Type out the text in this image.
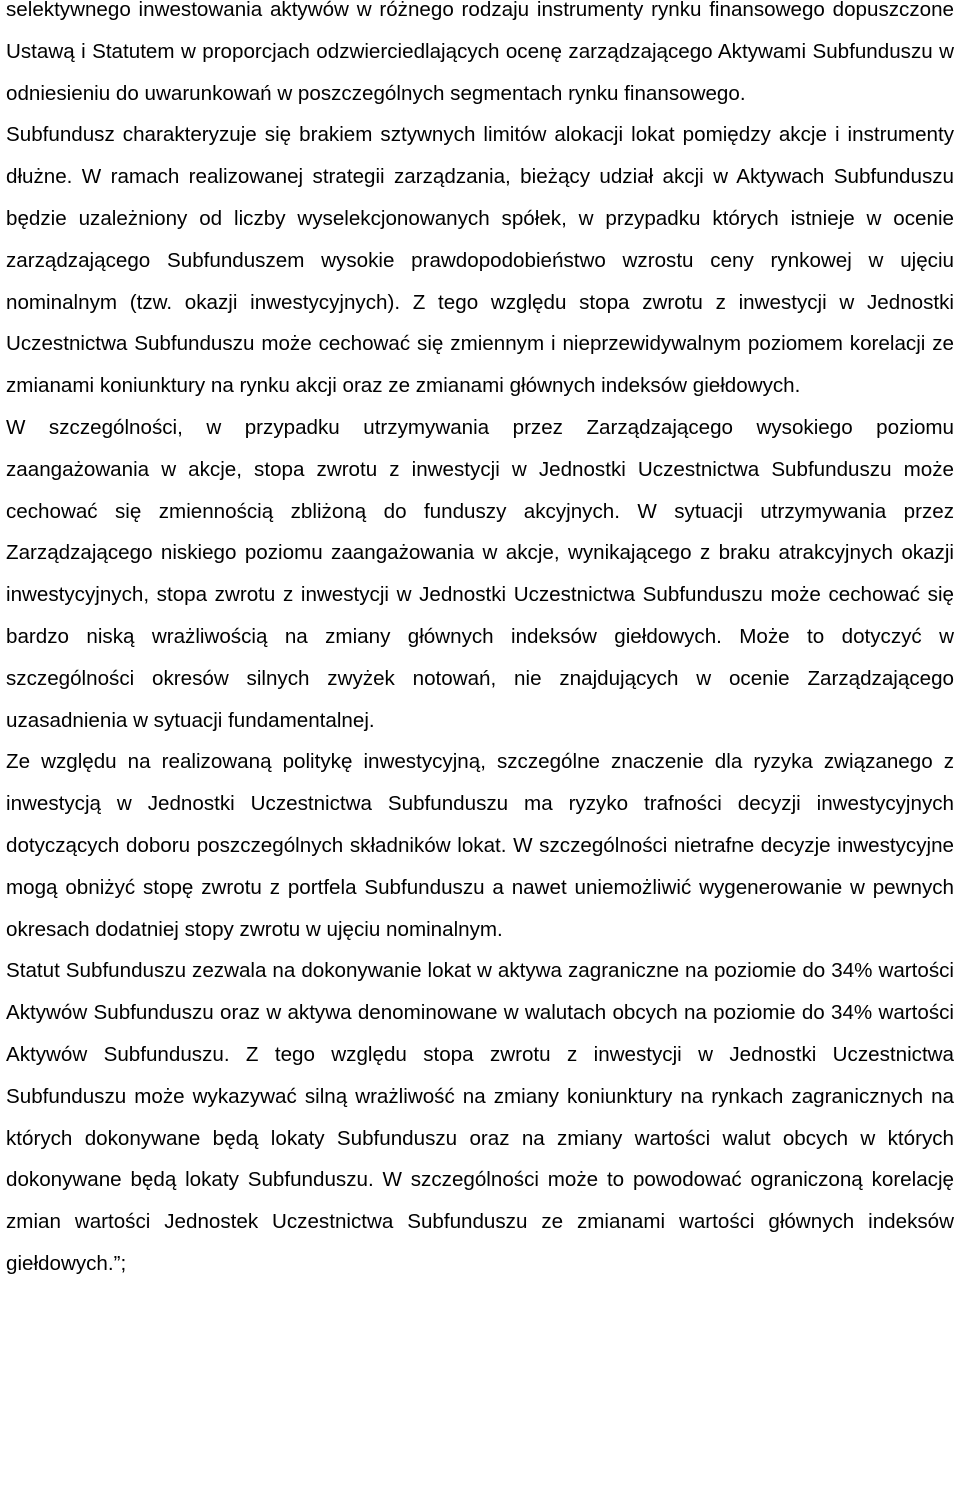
selektywnego inwestowania aktywów w różnego rodzaju instrumenty rynku finansowego dopuszczone Ustawą i Statutem w proporcjach odzwierciedlających ocenę zarządzającego Aktywami Subfunduszu w odniesieniu do uwarunkowań w poszczególnych segmentach rynku finansowego.

Subfundusz charakteryzuje się brakiem sztywnych limitów alokacji lokat pomiędzy akcje i instrumenty dłużne. W ramach realizowanej strategii zarządzania, bieżący udział akcji w Aktywach Subfunduszu będzie uzależniony od liczby wyselekcjonowanych spółek, w przypadku których istnieje w ocenie zarządzającego Subfunduszem wysokie prawdopodobieństwo wzrostu ceny rynkowej w ujęciu nominalnym (tzw. okazji inwestycyjnych). Z tego względu stopa zwrotu z inwestycji w Jednostki Uczestnictwa Subfunduszu może cechować się zmiennym i nieprzewidywalnym poziomem korelacji ze zmianami koniunktury na rynku akcji oraz ze zmianami głównych indeksów giełdowych.

W szczególności, w przypadku utrzymywania przez Zarządzającego wysokiego poziomu zaangażowania w akcje, stopa zwrotu z inwestycji w Jednostki Uczestnictwa Subfunduszu może cechować się zmiennością zbliżoną do funduszy akcyjnych. W sytuacji utrzymywania przez Zarządzającego niskiego poziomu zaangażowania w akcje, wynikającego z braku atrakcyjnych okazji inwestycyjnych, stopa zwrotu z inwestycji w Jednostki Uczestnictwa Subfunduszu może cechować się bardzo niską wrażliwością na zmiany głównych indeksów giełdowych. Może to dotyczyć w szczególności okresów silnych zwyżek notowań, nie znajdujących w ocenie Zarządzającego uzasadnienia w sytuacji fundamentalnej.

Ze względu na realizowaną politykę inwestycyjną, szczególne znaczenie dla ryzyka związanego z inwestycją w Jednostki Uczestnictwa Subfunduszu ma ryzyko trafności decyzji inwestycyjnych dotyczących doboru poszczególnych składników lokat. W szczególności nietrafne decyzje inwestycyjne mogą obniżyć stopę zwrotu z portfela Subfunduszu a nawet uniemożliwić wygenerowanie w pewnych okresach dodatniej stopy zwrotu w ujęciu nominalnym.

Statut Subfunduszu zezwala na dokonywanie lokat w aktywa zagraniczne na poziomie do 34% wartości Aktywów Subfunduszu oraz w aktywa denominowane w walutach obcych na poziomie do 34% wartości Aktywów Subfunduszu. Z tego względu stopa zwrotu z inwestycji w Jednostki Uczestnictwa Subfunduszu może wykazywać silną wrażliwość na zmiany koniunktury na rynkach zagranicznych na których dokonywane będą lokaty Subfunduszu oraz na zmiany wartości walut obcych w których dokonywane będą lokaty Subfunduszu. W szczególności może to powodować ograniczoną korelację zmian wartości Jednostek Uczestnictwa Subfunduszu ze zmianami wartości głównych indeksów giełdowych.”;
